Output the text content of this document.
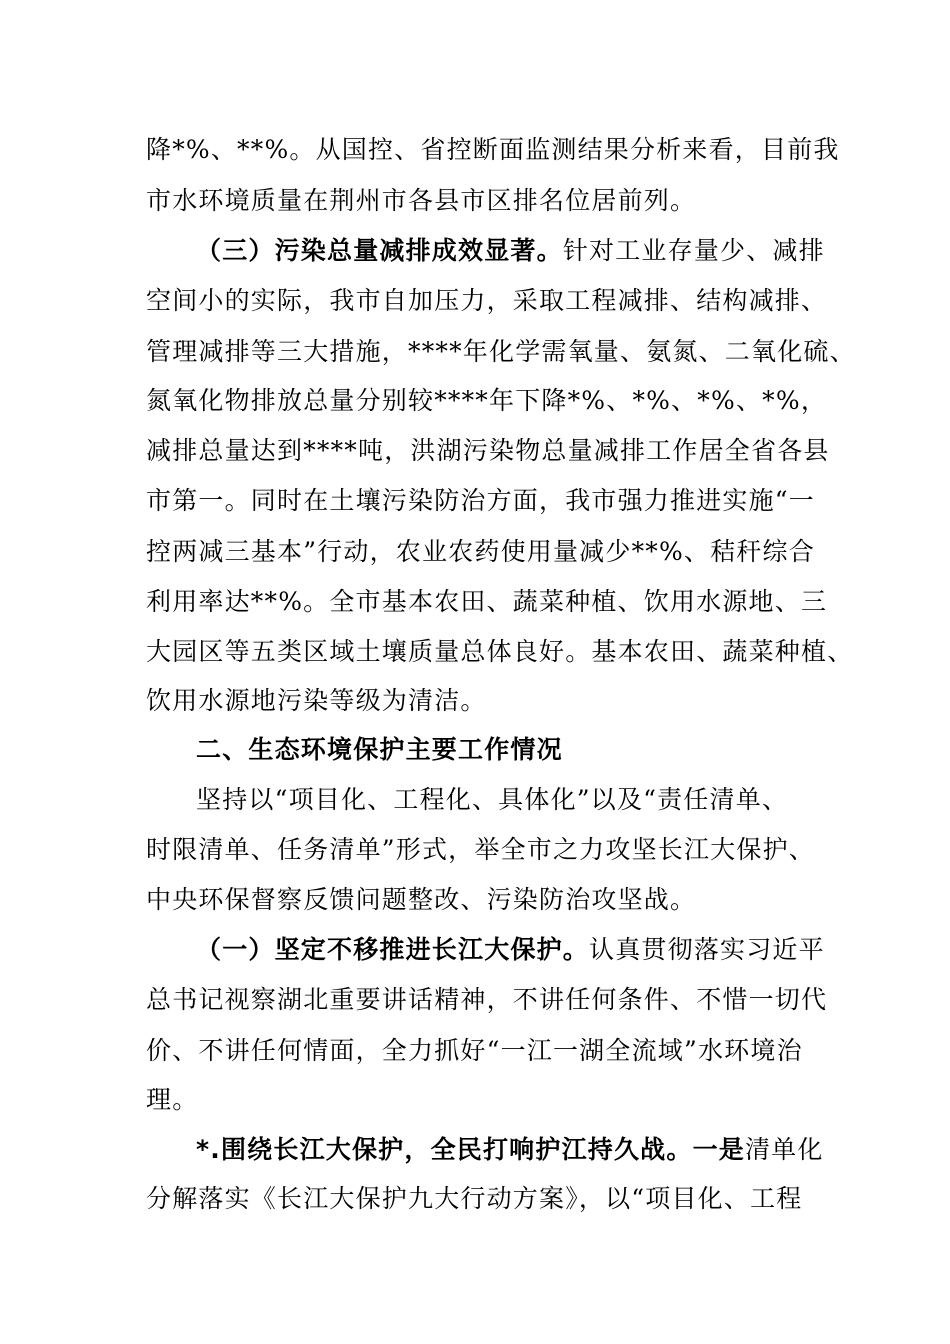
降*%、**%。从国控、省控断面监测结果分析来看，目前我
市水环境质量在荆州市各县市区排名位居前列。
（三）污染总量减排成效显著。针对工业存量少、减排
空间小的实际，我市自加压力，采取工程减排、结构减排、
管理减排等三大措施，****年化学需氧量、氨氮、二氧化硫、
氮氧化物排放总量分别较****年下降*%、*%、*%、*%，
减排总量达到****吨，洪湖污染物总量减排工作居全省各县
市第一。同时在土壤污染防治方面，我市强力推进实施“一
控两减三基本”行动，农业农药使用量减少**%、秸秆综合
利用率达**%。全市基本农田、蔬菜种植、饮用水源地、三
大园区等五类区域土壤质量总体良好。基本农田、蔬菜种植、
饮用水源地污染等级为清洁。
二、生态环境保护主要工作情况
坚持以“项目化、工程化、具体化”以及“责任清单、
时限清单、任务清单”形式，举全市之力攻坚长江大保护、
中央环保督察反馈问题整改、污染防治攻坚战。
（一）坚定不移推进长江大保护。认真贯彻落实习近平
总书记视察湖北重要讲话精神，不讲任何条件、不惜一切代
价、不讲任何情面，全力抓好“一江一湖全流域”水环境治
理。
*.围绕长江大保护，全民打响护江持久战。一是清单化
分解落实《长江大保护九大行动方案》，以“项目化、工程
